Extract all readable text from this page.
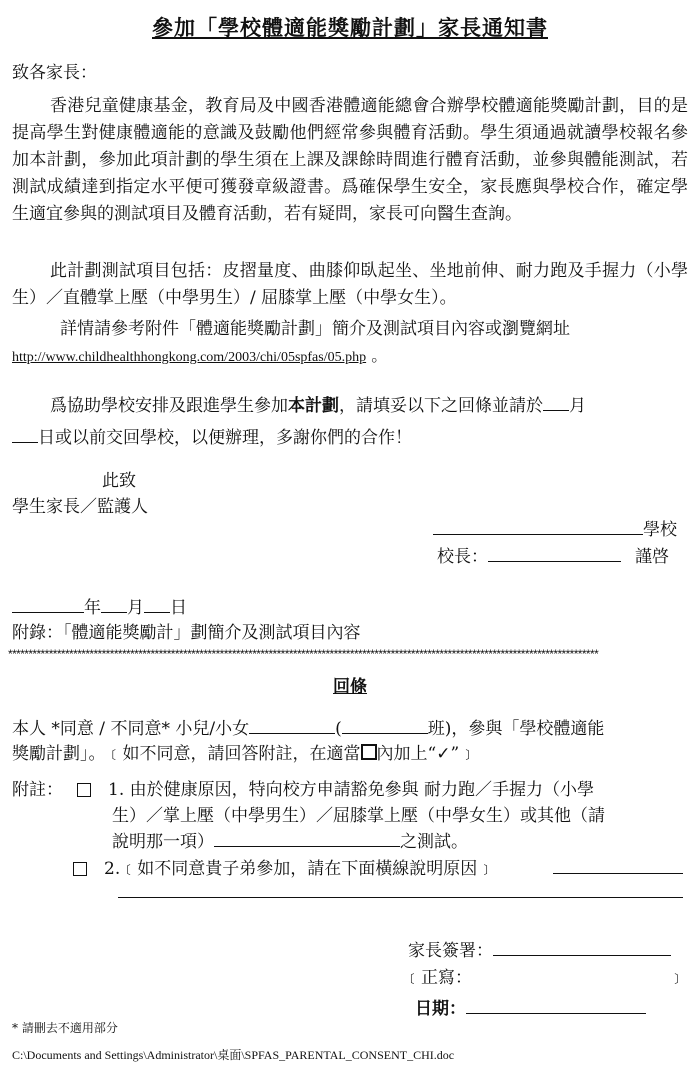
參加「學校體適能獎勵計劃」家長通知書
致各家長：
香港兒童健康基金，教育局及中國香港體適能總會合辦學校體適能獎勵計劃，目的是提高學生對健康體適能的意識及鼓勵他們經常參與體育活動。學生須通過就讀學校報名參加本計劃，參加此項計劃的學生須在上課及課餘時間進行體育活動，並參與體能測試，若測試成績達到指定水平便可獲發章級證書。爲確保學生安全，家長應與學校合作，確定學生適宜參與的測試項目及體育活動，若有疑問，家長可向醫生查詢。
此計劃測試項目包括：皮摺量度、曲膝仰臥起坐、坐地前伸、耐力跑及手握力（小學生）／直體掌上壓（中學男生）/ 屈膝掌上壓（中學女生）。
詳情請參考附件「體適能獎勵計劃」簡介及測試項目內容或瀏覽網址
http://www.childhealthhongkong.com/2003/chi/05spfas/05.php 。
爲協助學校安排及跟進學生參加本計劃，請填妥以下之回條並請於 月
日或以前交回學校，以便辦理，多謝你們的合作！
此致
學生家長／監護人
學校
校長：	謹啓
年 月 日
附錄：「體適能獎勵計」劃簡介及測試項目內容
*************************************************************************************************************************************************
回條
本人 *同意 / 不同意* 小兒/小女	(	班)，參與「學校體適能
獎勵計劃」。﹝如不同意，請回答附註，在適當 內加上“✓”﹞
附註：	1. 由於健康原因，特向校方申請豁免參與 耐力跑／手握力（小學
生）／掌上壓（中學男生）／屈膝掌上壓（中學女生）或其他（請
說明那一項）	之測試。
2.﹝如不同意貴子弟參加，請在下面橫線說明原因﹞
家長簽署：
﹝正寫：	﹞
日期：
* 請刪去不適用部分
C:\Documents and Settings\Administrator\桌面\SPFAS_PARENTAL_CONSENT_CHI.doc
